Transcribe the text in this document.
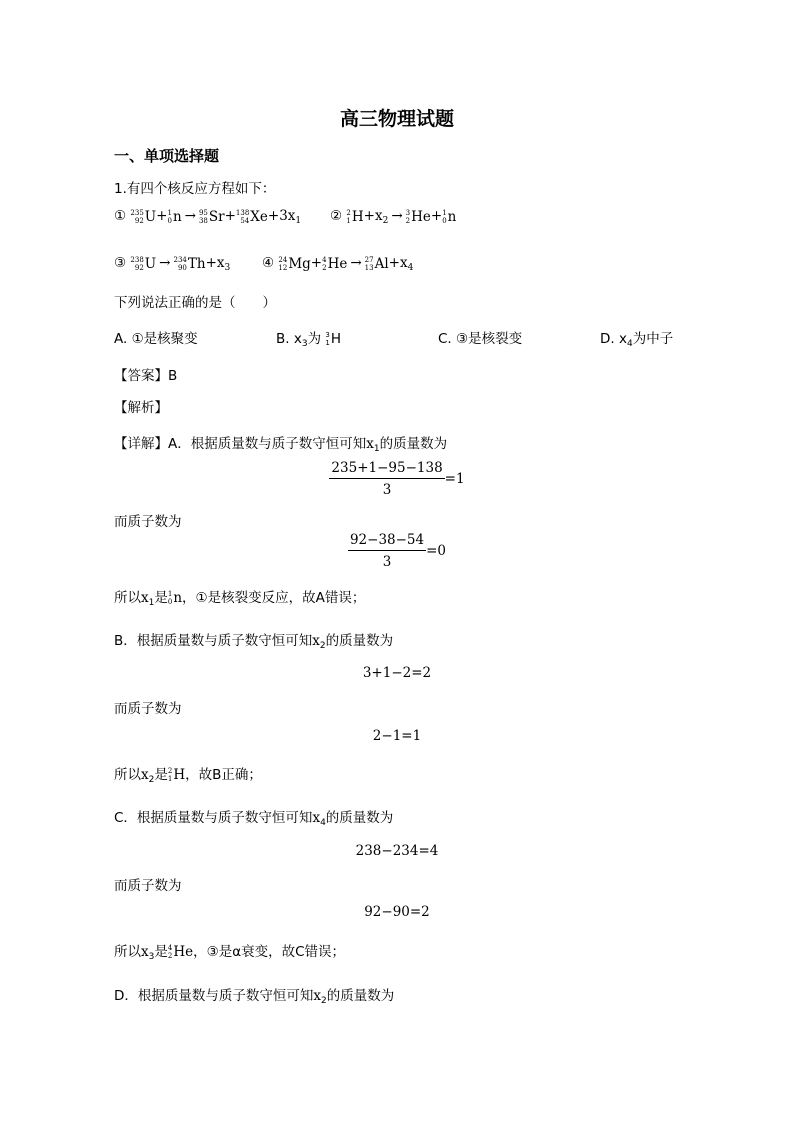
高三物理试题
一、单项选择题
1.有四个核反应方程如下：
① 235
92 U + 1
0 n → 95
38 Sr + 138
54 $Xe +3x_1$ ② 2
1 $H +x_2 \to 3$
2 He + 1
0 n
③ 238
92 U → 234
90 $Th +x_3$ ④ 24
12 Mg + 4
2 He → 27
13 $Al +x_4$
下列说法正确的是（　　）
A. ①是核聚变	B. $x_3$为 3
1 H	C. ③是核裂变	D. $x_4$为中子
【答案】B
【解析】
【详解】A．根据质量数与质子数守恒可知$x_1$的质量数为
$\frac{235+1-95-138}{3} =1$
而质子数为
$\frac{92-38-54}{3} =0$
所以$x_1$是 1
0 n ，①是核裂变反应，故A错误；
B．根据质量数与质子数守恒可知$x_2$的质量数为
3+1−2=2
而质子数为
2−1=1
所以$x_2$是 2
1 H ，故B正确；
C．根据质量数与质子数守恒可知$x_4$的质量数为
238−234=4
而质子数为
92−90=2
所以$x_3$是 4
2 He ，③是α衰变，故C错误；
D．根据质量数与质子数守恒可知$x_2$的质量数为
